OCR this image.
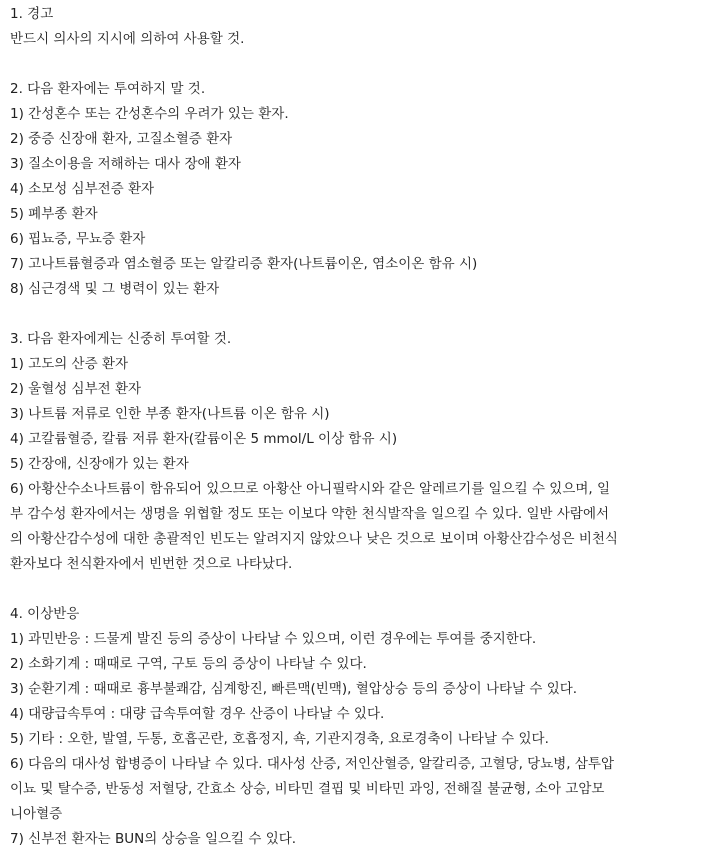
1. 경고

반드시 의사의 지시에 의하여 사용할 것.

2. 다음 환자에는 투여하지 말 것.

1) 간성혼수 또는 간성혼수의 우려가 있는 환자.

2) 중증 신장애 환자, 고질소혈증 환자

3) 질소이용을 저해하는 대사 장애 환자

4) 소모성 심부전증 환자

5) 폐부종 환자

6) 핍뇨증, 무뇨증 환자

7) 고나트륨혈증과 염소혈증 또는 알칼리증 환자(나트륨이온, 염소이온 함유 시)

8) 심근경색 및 그 병력이 있는 환자

3. 다음 환자에게는 신중히 투여할 것.

1) 고도의 산증 환자

2) 울혈성 심부전 환자

3) 나트륨 저류로 인한 부종 환자(나트륨 이온 함유 시)

4) 고칼륨혈증, 칼륨 저류 환자(칼륨이온 5 mmol/L 이상 함유 시)

5) 간장애, 신장애가 있는 환자

6) 아황산수소나트륨이 함유되어 있으므로 아황산 아니필락시와 같은 알레르기를 일으킬 수 있으며, 일

부 감수성 환자에서는 생명을 위협할 정도 또는 이보다 약한 천식발작을 일으킬 수 있다. 일반 사람에서

의 아황산감수성에 대한 총괄적인 빈도는 알려지지 않았으나 낮은 것으로 보이며 아황산감수성은 비천식

환자보다 천식환자에서 빈번한 것으로 나타났다.

4. 이상반응

1) 과민반응 : 드물게 발진 등의 증상이 나타날 수 있으며, 이런 경우에는 투여를 중지한다.

2) 소화기계 : 때때로 구역, 구토 등의 증상이 나타날 수 있다.

3) 순환기계 : 때때로 흉부불쾌감, 심계항진, 빠른맥(빈맥), 혈압상승 등의 증상이 나타날 수 있다.

4) 대량급속투여 : 대량 급속투여할 경우 산증이 나타날 수 있다.

5) 기타 : 오한, 발열, 두통, 호흡곤란, 호흡정지, 쇽, 기관지경축, 요로경축이 나타날 수 있다.

6) 다음의 대사성 합병증이 나타날 수 있다. 대사성 산증, 저인산혈증, 알칼리증, 고혈당, 당뇨병, 삼투압

이뇨 및 탈수증, 반동성 저혈당, 간효소 상승, 비타민 결핍 및 비타민 과잉, 전해질 불균형, 소아 고암모

니아혈증

7) 신부전 환자는 BUN의 상승을 일으킬 수 있다.
